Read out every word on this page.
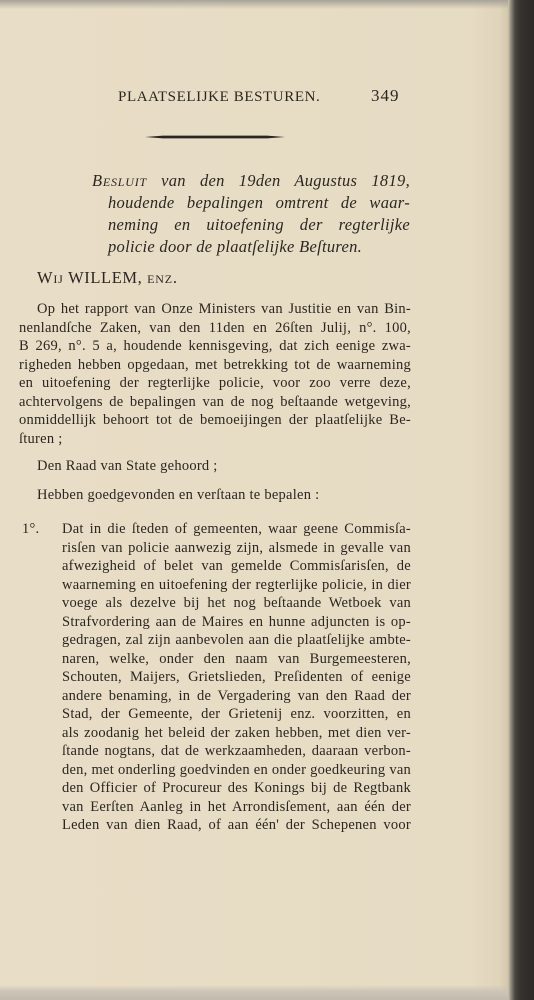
PLAATSELIJKE BESTUREN.	349
Besluit van den 19den Augustus 1819,
houdende bepalingen omtrent de waar-
neming en uitoefening der regterlijke
policie door de plaatſelijke Beſturen.
Wij WILLEM, enz.
Op het rapport van Onze Ministers van Justitie en van Bin-
nenlandſche Zaken, van den 11den en 26ſten Julij, n°. 100,
B 269, n°. 5 a, houdende kennisgeving, dat zich eenige zwa-
righeden hebben opgedaan, met betrekking tot de waarneming
en uitoefening der regterlijke policie, voor zoo verre deze,
achtervolgens de bepalingen van de nog beſtaande wetgeving,
onmiddellijk behoort tot de bemoeijingen der plaatſelijke Be-
ſturen ;
Den Raad van State gehoord ;
Hebben goedgevonden en verſtaan te bepalen :
1°. Dat in die ſteden of gemeenten, waar geene Commisſa-
risſen van policie aanwezig zijn, alsmede in gevalle van
afwezigheid of belet van gemelde Commisſarisſen, de
waarneming en uitoefening der regterlijke policie, in dier
voege als dezelve bij het nog beſtaande Wetboek van
Strafvordering aan de Maires en hunne adjuncten is op-
gedragen, zal zijn aanbevolen aan die plaatſelijke ambte-
naren, welke, onder den naam van Burgemeesteren,
Schouten, Maijers, Grietslieden, Preſidenten of eenige
andere benaming, in de Vergadering van den Raad der
Stad, der Gemeente, der Grietenij enz. voorzitten, en
als zoodanig het beleid der zaken hebben, met dien ver-
ſtande nogtans, dat de werkzaamheden, daaraan verbon-
den, met onderling goedvinden en onder goedkeuring van
den Officier of Procureur des Konings bij de Regtbank
van Eerſten Aanleg in het Arrondisſement, aan één der
Leden van dien Raad, of aan één' der Schepenen voor
